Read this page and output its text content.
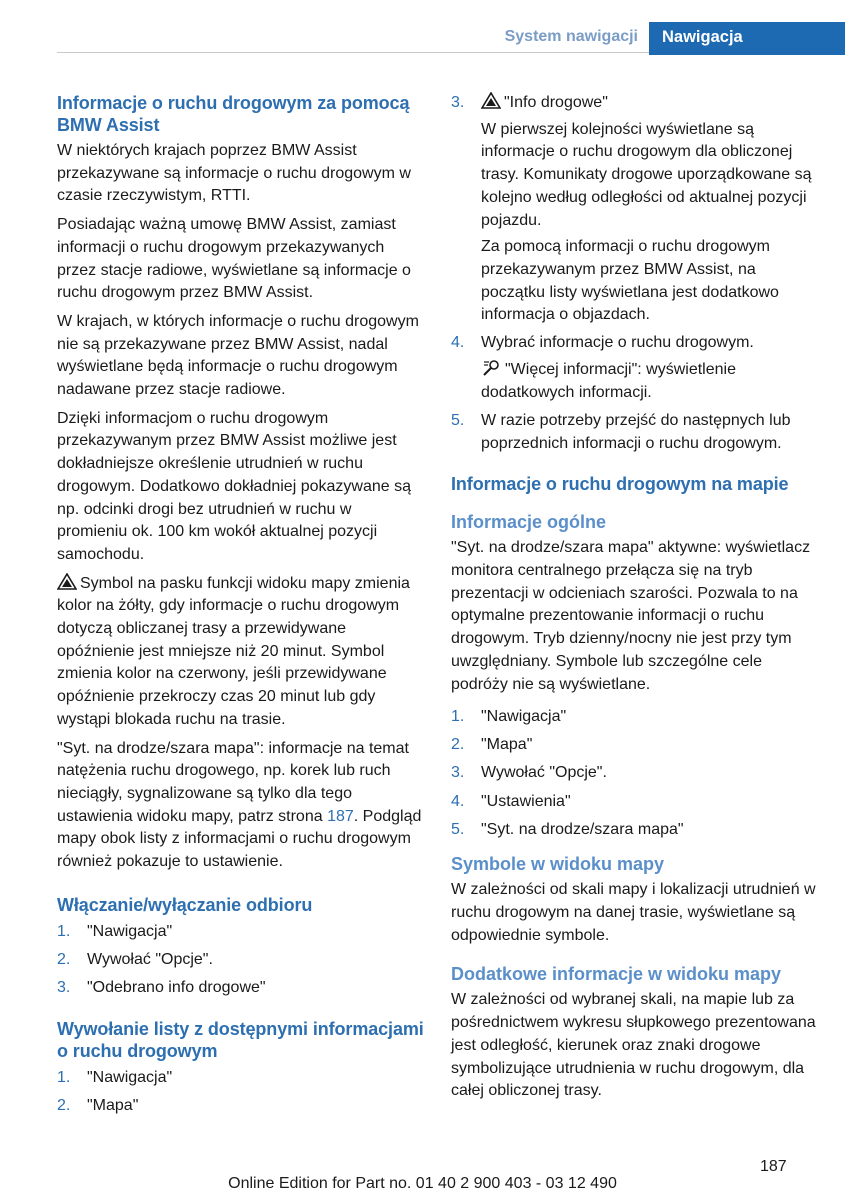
System nawigacji	Nawigacja
Informacje o ruchu drogowym za pomocą BMW Assist

W niektórych krajach poprzez BMW Assist przekazywane są informacje o ruchu drogowym w czasie rzeczywistym, RTTI.

Posiadając ważną umowę BMW Assist, zamiast informacji o ruchu drogowym przekazywanych przez stacje radiowe, wyświetlane są informacje o ruchu drogowym przez BMW Assist.

W krajach, w których informacje o ruchu drogowym nie są przekazywane przez BMW Assist, nadal wyświetlane będą informacje o ruchu drogowym nadawane przez stacje radiowe.

Dzięki informacjom o ruchu drogowym przekazywanym przez BMW Assist możliwe jest dokładniejsze określenie utrudnień w ruchu drogowym. Dodatkowo dokładniej pokazywane są np. odcinki drogi bez utrudnień w ruchu w promieniu ok. 100 km wokół aktualnej pozycji samochodu.

Symbol na pasku funkcji widoku mapy zmienia kolor na żółty, gdy informacje o ruchu drogowym dotyczą obliczanej trasy a przewidywane opóźnienie jest mniejsze niż 20 minut. Symbol zmienia kolor na czerwony, jeśli przewidywane opóźnienie przekroczy czas 20 minut lub gdy wystąpi blokada ruchu na trasie.

"Syt. na drodze/szara mapa": informacje na temat natężenia ruchu drogowego, np. korek lub ruch nieciągły, sygnalizowane są tylko dla tego ustawienia widoku mapy, patrz strona 187. Podgląd mapy obok listy z informacjami o ruchu drogowym również pokazuje to ustawienie.

Włączanie/wyłączanie odbioru
1.	"Nawigacja"
2.	Wywołać "Opcje".
3.	"Odebrano info drogowe"
Wywołanie listy z dostępnymi informacjami o ruchu drogowym
1.	"Nawigacja"
2.	"Mapa"
3.	"Info drogowe"

W pierwszej kolejności wyświetlane są informacje o ruchu drogowym dla obliczonej trasy. Komunikaty drogowe uporządkowane są kolejno według odległości od aktualnej pozycji pojazdu.

Za pomocą informacji o ruchu drogowym przekazywanym przez BMW Assist, na początku listy wyświetlana jest dodatkowo informacja o objazdach.

4.	Wybrać informacje o ruchu drogowym.

"Więcej informacji": wyświetlenie dodatkowych informacji.

5.	W razie potrzeby przejść do następnych lub poprzednich informacji o ruchu drogowym.
Informacje o ruchu drogowym na mapie
Informacje ogólne

"Syt. na drodze/szara mapa" aktywne: wyświetlacz monitora centralnego przełącza się na tryb prezentacji w odcieniach szarości. Pozwala to na optymalne prezentowanie informacji o ruchu drogowym. Tryb dzienny/nocny nie jest przy tym uwzględniany. Symbole lub szczególne cele podróży nie są wyświetlane.

1.	"Nawigacja"
2.	"Mapa"
3.	Wywołać "Opcje".
4.	"Ustawienia"
5.	"Syt. na drodze/szara mapa"
Symbole w widoku mapy

W zależności od skali mapy i lokalizacji utrudnień w ruchu drogowym na danej trasie, wyświetlane są odpowiednie symbole.

Dodatkowe informacje w widoku mapy

W zależności od wybranej skali, na mapie lub za pośrednictwem wykresu słupkowego prezentowana jest odległość, kierunek oraz znaki drogowe symbolizujące utrudnienia w ruchu drogowym, dla całej obliczonej trasy.

187
Online Edition for Part no. 01 40 2 900 403 - 03 12 490
